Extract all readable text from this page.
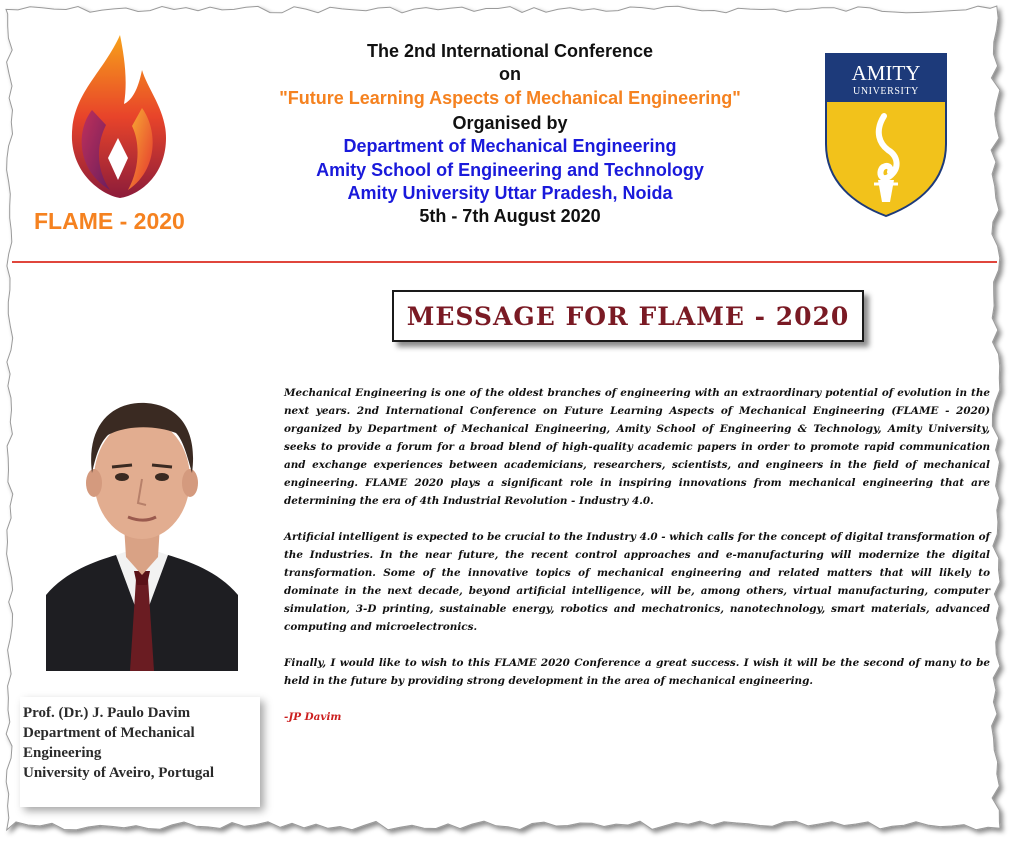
FLAME - 2020
The 2nd International Conference
on
"Future Learning Aspects of Mechanical Engineering"
Organised by
Department of Mechanical Engineering
Amity School of Engineering and Technology
Amity University Uttar Pradesh, Noida
5th - 7th August 2020
AMITY
UNIVERSITY
MESSAGE FOR FLAME - 2020
Prof. (Dr.) J. Paulo Davim
Department of Mechanical
Engineering
University of Aveiro, Portugal

Mechanical Engineering is one of the oldest branches of engineering with an extraordinary potential of evolution in the next years. 2nd International Conference on Future Learning Aspects of Mechanical Engineering (FLAME - 2020) organized by Department of Mechanical Engineering, Amity School of Engineering & Technology, Amity University, seeks to provide a forum for a broad blend of high-quality academic papers in order to promote rapid communication and exchange experiences between academicians, researchers, scientists, and engineers in the field of mechanical engineering. FLAME 2020 plays a significant role in inspiring innovations from mechanical engineering that are determining the era of 4th Industrial Revolution - Industry 4.0.

Artificial intelligent is expected to be crucial to the Industry 4.0 - which calls for the concept of digital transformation of the Industries. In the near future, the recent control approaches and e-manufacturing will modernize the digital transformation. Some of the innovative topics of mechanical engineering and related matters that will likely to dominate in the next decade, beyond artificial intelligence, will be, among others, virtual manufacturing, computer simulation, 3-D printing, sustainable energy, robotics and mechatronics, nanotechnology, smart materials, advanced computing and microelectronics.

Finally, I would like to wish to this FLAME 2020 Conference a great success. I wish it will be the second of many to be held in the future by providing strong development in the area of mechanical engineering.

-JP Davim
